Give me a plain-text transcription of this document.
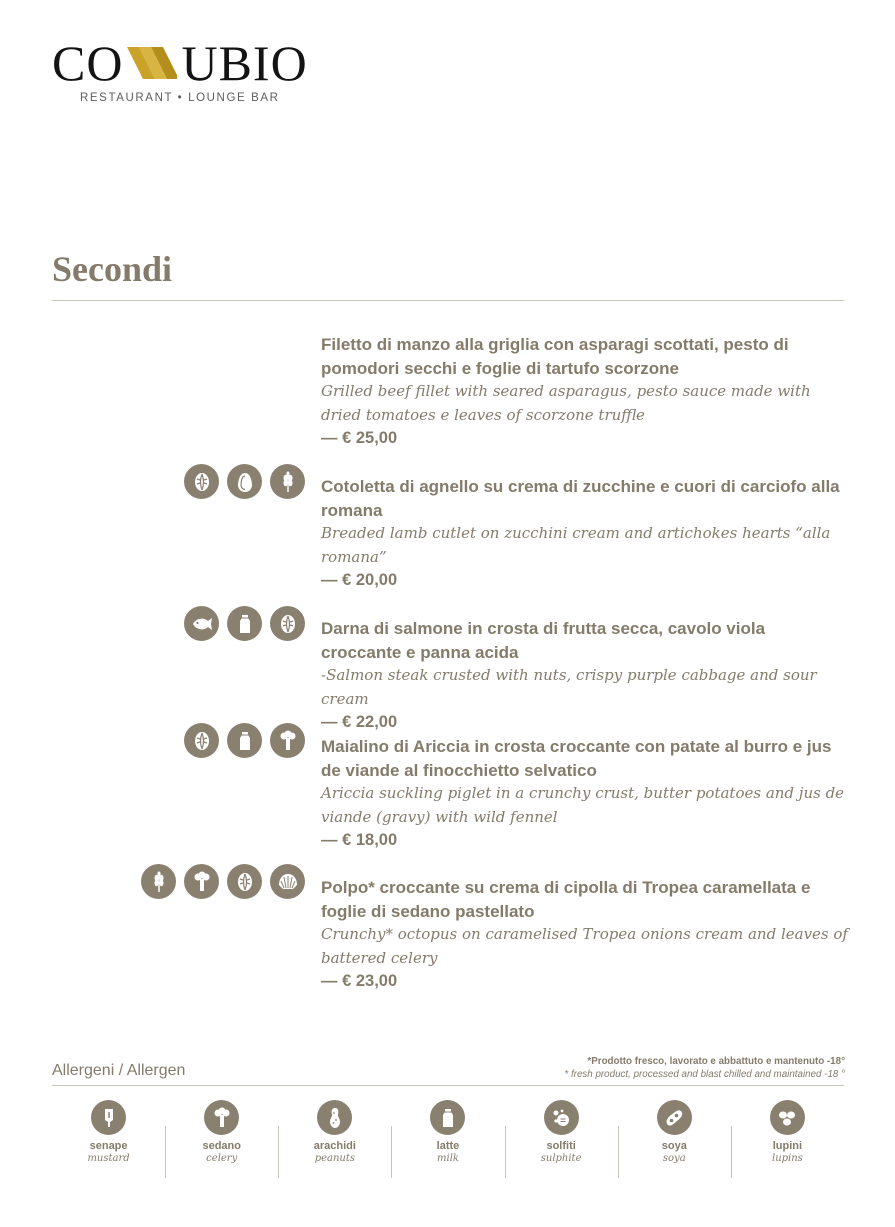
CO UBIO
RESTAURANT • LOUNGE BAR
Secondi
Filetto di manzo alla griglia con asparagi scottati, pesto di pomodori secchi e foglie di tartufo scorzone
Grilled beef fillet with seared asparagus, pesto sauce made with dried tomatoes e leaves of scorzone truffle
— € 25,00
Cotoletta di agnello su crema di zucchine e cuori di carciofo alla romana
Breaded lamb cutlet on zucchini cream and artichokes hearts “alla romana”
— € 20,00
Darna di salmone in crosta di frutta secca, cavolo viola croccante e panna acida
-Salmon steak crusted with nuts, crispy purple cabbage and sour cream
— € 22,00
Maialino di Ariccia in crosta croccante con patate al burro e jus de viande al finocchietto selvatico
Ariccia suckling piglet in a crunchy crust, butter potatoes and jus de viande (gravy) with wild fennel
— € 18,00
Polpo* croccante su crema di cipolla di Tropea caramellata e foglie di sedano pastellato
Crunchy* octopus on caramelised Tropea onions cream and leaves of battered celery
— € 23,00
Allergeni / Allergen
*Prodotto fresco, lavorato e abbattuto e mantenuto -18°
* fresh product, processed and blast chilled and maintained -18 °
senape
mustard
sedano
celery
arachidi
peanuts
latte
milk
solfiti
sulphite
soya
soya
lupini
lupins
